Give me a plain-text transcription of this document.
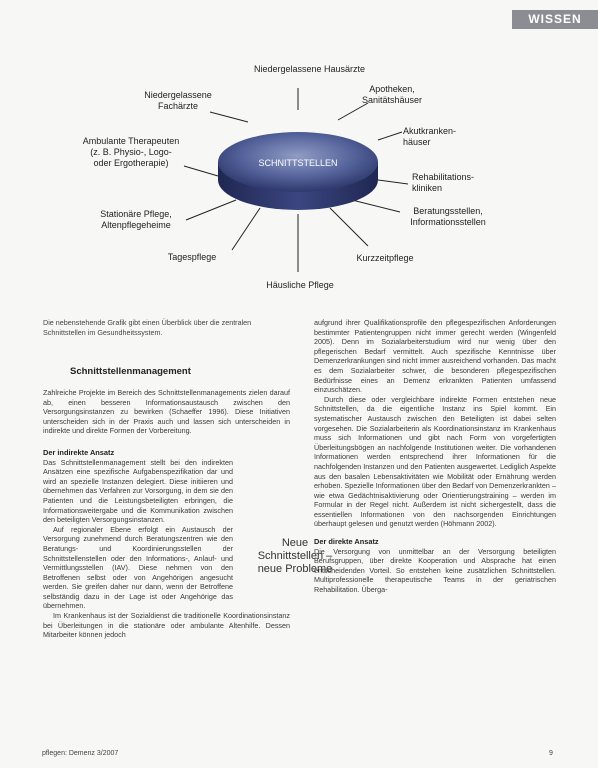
WISSEN
SCHNITTSTELLEN
Niedergelassene Hausärzte
Apotheken, Sanitätshäuser
Akutkranken-häuser
Rehabilitations-kliniken
Beratungsstellen, Informationsstellen
Kurzzeitpflege
Häusliche Pflege
Tagespflege
Stationäre Pflege, Altenpflegeheime
Ambulante Therapeuten (z. B. Physio-, Logo- oder Ergotherapie)
Niedergelassene Fachärzte
Die nebenstehende Grafik gibt einen Überblick über die zentralen Schnittstellen im Gesundheitssystem.
Schnittstellenmanagement

Zahlreiche Projekte im Bereich des Schnittstellenmanagements zielen darauf ab, einen besseren Informationsaustausch zwischen den Versorgungsinstanzen zu bewirken (Schaeffer 1996). Diese Initiativen unterscheiden sich in der Praxis auch und lassen sich unterscheiden in indirekte und direkte Formen der Vorbereitung.

Der indirekte Ansatz

Das Schnittstellenmanagement stellt bei den indirekten Ansätzen eine spezifische Aufgabenspezifikation dar und wird an spezielle Instanzen delegiert. Diese initiieren und übernehmen das Verfahren zur Vorsorgung, in dem sie den Patienten und die Leistungsbeteiligten erbringen, die Informationsweitergabe und die Kommunikation zwischen den beteiligten Versorgungsinstanzen.

Auf regionaler Ebene erfolgt ein Austausch der Versorgung zunehmend durch Beratungszentren wie den Beratungs- und Koordinierungsstellen der Schnittstellenstellen oder den Informations-, Anlauf- und Vermittlungsstellen (IAV). Diese nehmen von den Betroffenen selbst oder von Angehörigen angesucht werden. Sie greifen daher nur dann, wenn der Betroffene selbständig dazu in der Lage ist oder Angehörige das übernehmen.

Im Krankenhaus ist der Sozialdienst die traditionelle Koordinationsinstanz bei Überleitungen in die stationäre oder ambulante Altenhilfe. Dessen Mitarbeiter können jedoch

Neue Schnittstellen – neue Probleme

aufgrund ihrer Qualifikationsprofile den pflegespezifischen Anforderungen bestimmter Patientengruppen nicht immer gerecht werden (Wingenfeld 2005). Denn im Sozialarbeiterstudium wird nur wenig über den pflegerischen Bedarf vermittelt. Auch spezifische Kenntnisse über Demenzerkrankungen sind nicht immer ausreichend vorhanden. Das macht es dem Sozialarbeiter schwer, die besonderen pflegespezifischen Bedürfnisse eines an Demenz erkrankten Patienten umfassend einzuschätzen.

Durch diese oder vergleichbare indirekte Formen entstehen neue Schnittstellen, da die eigentliche Instanz ins Spiel kommt. Ein systematischer Austausch zwischen den Beteiligten ist dabei selten vorgesehen. Die Sozialarbeiterin als Koordinationsinstanz im Krankenhaus muss sich Informationen und gibt nach Form von vorgefertigten Überleitungsbögen an nachfolgende Institutionen weiter. Die vorhandenen Informationen werden entsprechend ihrer Informationen für die nachfolgenden Instanzen und den Patienten ausgewertet. Lediglich Aspekte aus den basalen Lebensaktivitäten wie Mobilität oder Ernährung werden erhoben. Spezielle Informationen über den Bedarf von Demenzerkrankten – wie etwa Gedächtnisaktivierung oder Orientierungstraining – werden im Formular in der Regel nicht. Außerdem ist nicht sichergestellt, dass die essentiellen Informationen von den nachsorgenden Einrichtungen überhaupt gelesen und genutzt werden (Höhmann 2002).

Der direkte Ansatz

Die Versorgung von unmittelbar an der Versorgung beteiligten Berufsgruppen, über direkte Kooperation und Absprache hat einen entscheidenden Vorteil. So entstehen keine zusätzlichen Schnittstellen. Multiprofessionelle therapeutische Teams in der geriatrischen Rehabilitation. Überga-

pflegen: Demenz 3/2007	9
